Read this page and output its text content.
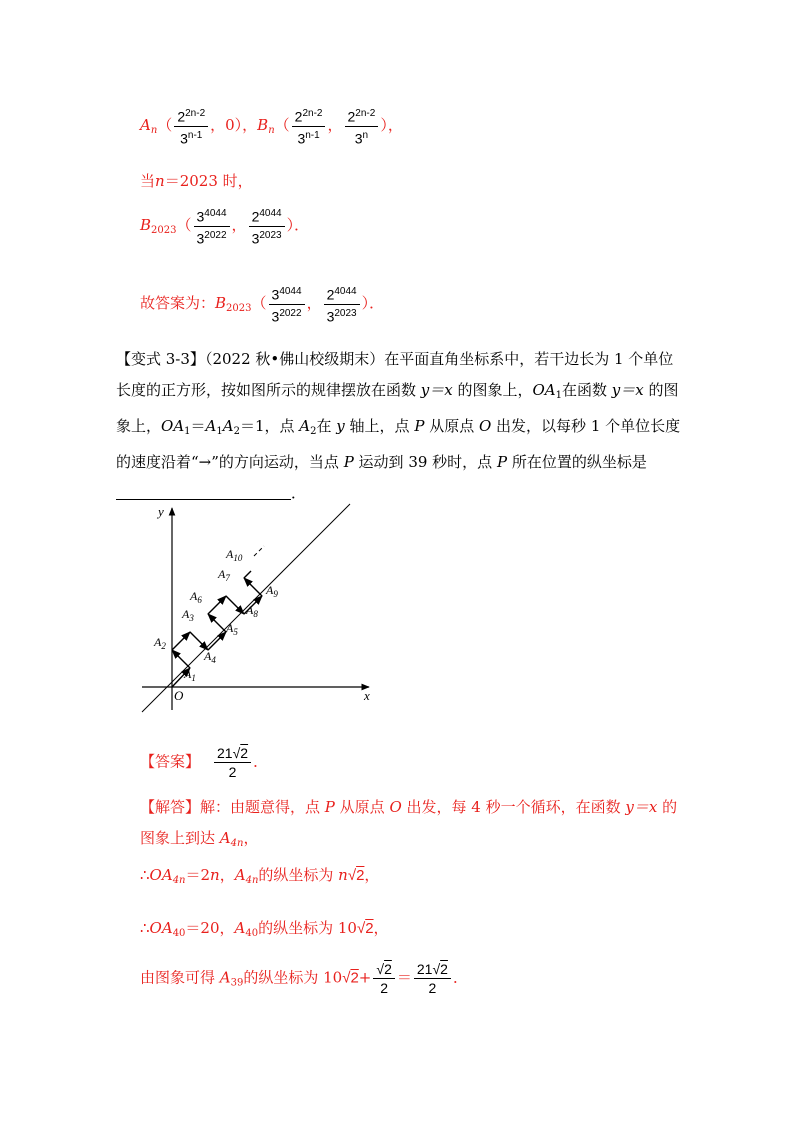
$A_n( \frac{2^{2n-2}}{3^{n-1}}$ ，0），$B_n( \frac{2^{2n-2}}{3^{n-1}}$ ， $\frac{2^{2n-2}}{3^n}$ ），
当n＝2023 时，
$B_{2023}( \frac{3^{4044}}{3^{2022}}$ ， $\frac{2^{4044}}{3^{2023}}$ ）．
故答案为：$B_{2023}( \frac{3^{4044}}{3^{2022}}$ ， $\frac{2^{4044}}{3^{2023}}$ ）．
【变式 3-3】（2022 秋•佛山校级期末）在平面直角坐标系中，若干边长为 1 个单位长度的正方形，按如图所示的规律摆放在函数 y＝x 的图象上，$OA_1$在函数 y＝x 的图象上，$OA_1=A_1A_2=1$，点 $A_2$在 y 轴上，点 P 从原点 O 出发，以每秒 1 个单位长度的速度沿着“→”的方向运动，当点 P 运动到 39 秒时，点 P 所在位置的纵坐标是 ．
x
y
O
$A_1$
$A_2$
$A_3$
$A_4$
$A_5$
$A_6$
$A_7$
$A_8$
$A_9$
$A_{10}$
【答案】 $\frac{21√2}{2}$ ．
【解答】解：由题意得，点 P 从原点 O 出发，每 4 秒一个循环，在函数 y＝x 的图象上到达 $A_{4n}$，
$\therefore OA_{4n}=2n$，$A_{4n}$的纵坐标为 n√2，
$\therefore OA_{40}=20$，$A_{40}$的纵坐标为 10√2，
由图象可得 $A_{39}$的纵坐标为 $10√2+ \frac{√2}{2} = \frac{21√2}{2}$ ．
